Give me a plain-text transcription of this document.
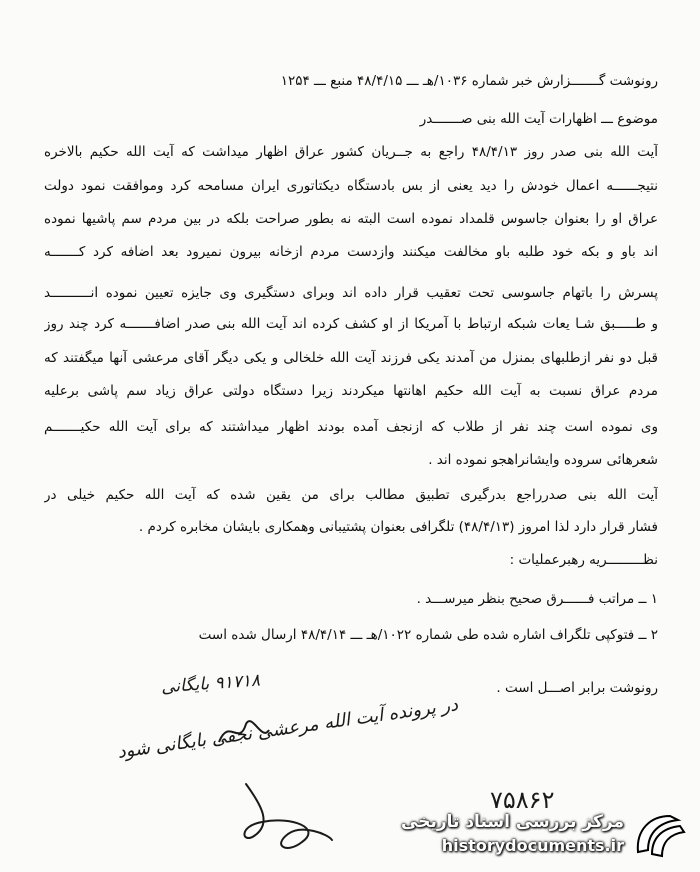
رونوشت گـــــــزارش خبر شماره ۱۰۳۶/هـ ـــ ۴۸/۴/۱۵ منبع ـــ ۱۲۵۴
موضوع ـــ اظهارات آیت الله بنی صـــــــدر
آیت الله بنی صدر روز ۴۸/۴/۱۳ راجع به جــریان کشور عراق اظهار میداشت که آیت الله حکیم بالاخره
نتیجــــــه اعمال خودش را دید یعنی از بس بادستگاه دیکتاتوری ایران مسامحه کرد وموافقت نمود دولت
عراق او را بعنوان جاسوس قلمداد نموده است البته نه بطور صراحت بلکه در بین مردم سم پاشیها نموده
اند باو و بکه خود طلبه باو مخالفت میکنند وازدست مردم ازخانه بیرون نمیرود بعد اضافه کرد کـــــــه
پسرش را باتهام جاسوسی تحت تعقیب قرار داده اند وبرای دستگیری وی جایزه تعیین نموده انــــــــــد
و طـــــبق شـا یعات شبکه ارتباط با آمریکا از او کشف کرده اند آیت الله بنی صدر اضافـــــــه کرد چند روز
قبل دو نفر ازطلبهای بمنزل من آمدند یکی فرزند آیت الله خلخالی و یکی دیگر آقای مرعشی آنها میگفتند که
مردم عراق نسبت به آیت الله حکیم اهانتها میکردند زیرا دستگاه دولتی عراق زیاد سم پاشی برعلیه
وی نموده است چند نفر از طلاب که ازنجف آمده بودند اظهار میداشتند که برای آیت الله حکیـــــــم
شعرهائی سروده وایشانراهجو نموده اند .
آیت الله بنی صدرراجع بدرگیری تطبیق مطالب برای من یقین شده که آیت الله حکیم خیلی در
فشار قرار دارد لذا امروز (۴۸/۴/۱۳) تلگرافی بعنوان پشتیبانی وهمکاری بایشان مخابره کردم .
نظـــــــــریه رهبرعملیات :
۱ ــ مراتب فــــــرق صحیح بنظر میرســـد .
۲ ــ فتوکپی تلگراف اشاره شده طی شماره ۱۰۲۲/هـ ـــ ۴۸/۴/۱۴ ارسال شده است
رونوشت برابر اصـــل است .
۹۱۷۱۸ بایگانی
در پرونده آیت الله مرعشی نجفی بایگانی شود
۷۵۸۶۲
مرکز بررسی اسناد تاریخی
historydocuments.ir
